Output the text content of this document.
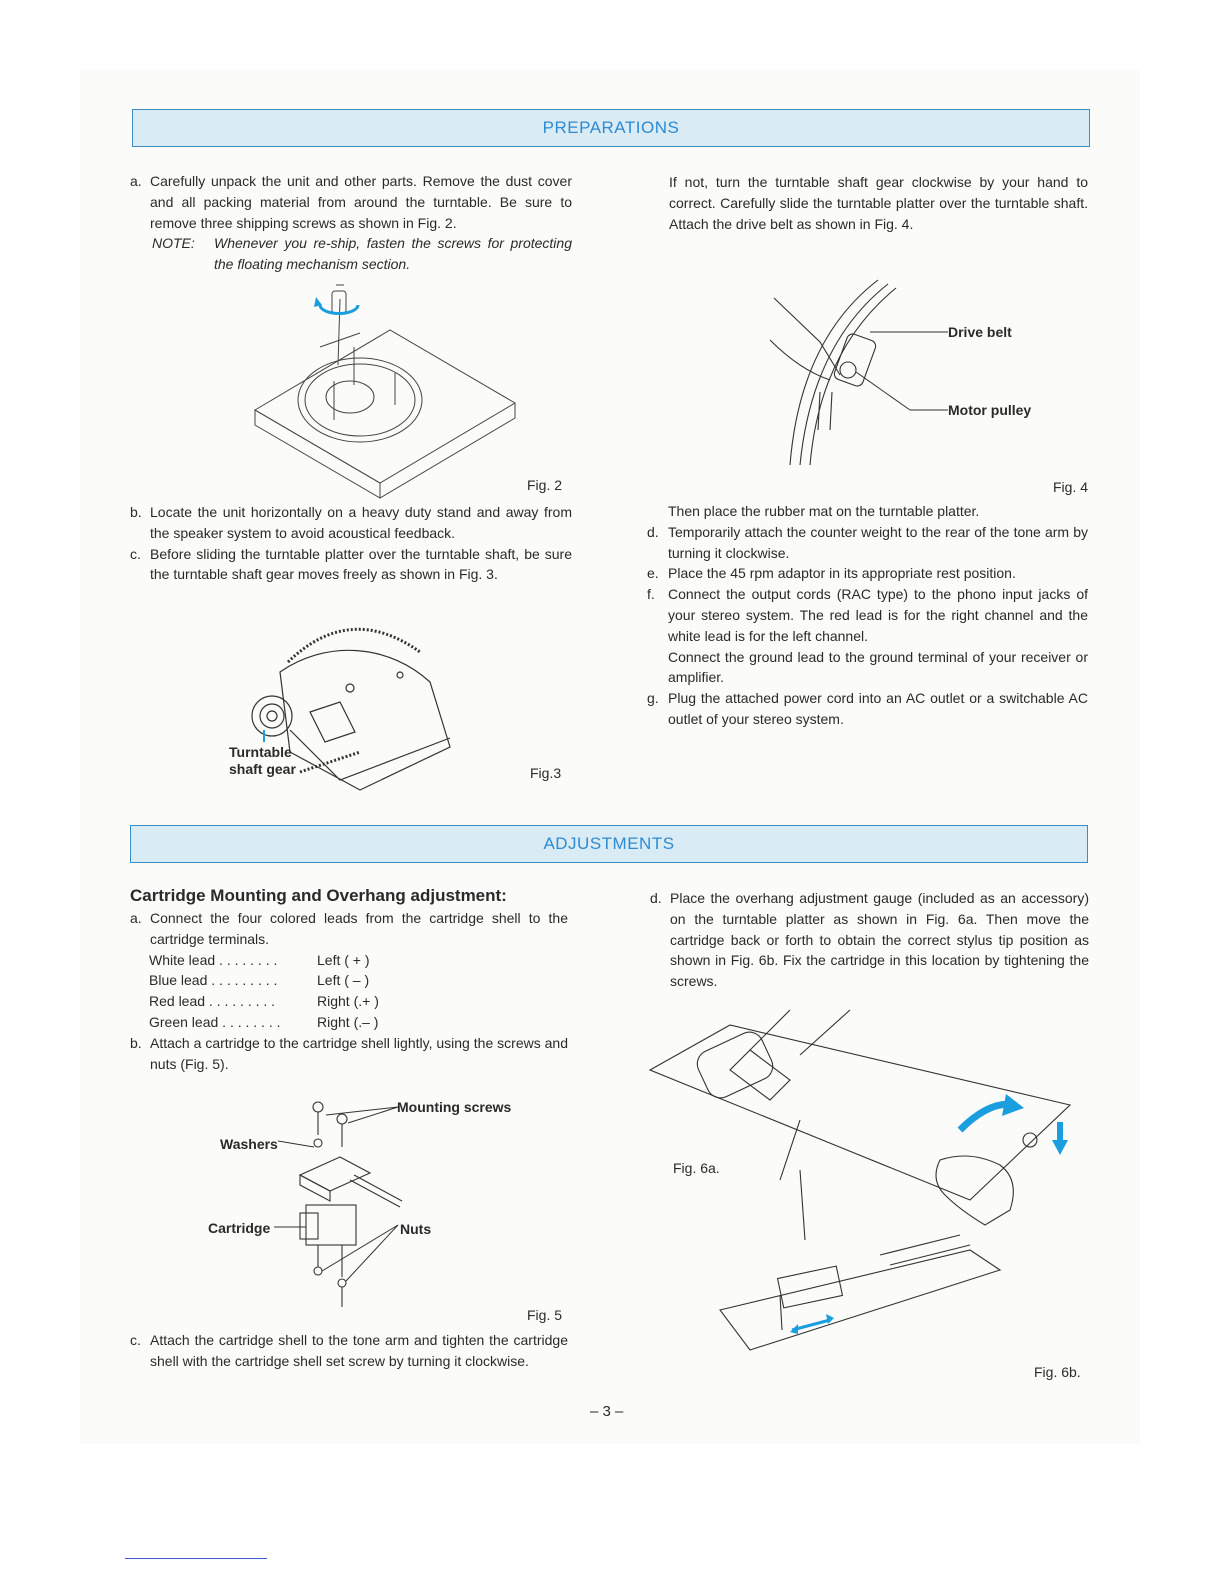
PREPARATIONS
a. Carefully unpack the unit and other parts. Remove the dust cover and all packing material from around the turntable. Be sure to remove three shipping screws as shown in Fig. 2.
NOTE:	Whenever you re-ship, fasten the screws for protecting the floating mechanism section.
Fig. 2
b. Locate the unit horizontally on a heavy duty stand and away from the speaker system to avoid acoustical feedback.
c. Before sliding the turntable platter over the turntable shaft, be sure the turntable shaft gear moves freely as shown in Fig. 3.
Turntable
shaft gear	Fig.3
If not, turn the turntable shaft gear clockwise by your hand to correct. Carefully slide the turntable platter over the turntable shaft. Attach the drive belt as shown in Fig. 4.
Drive belt
Motor pulley
Fig. 4
Then place the rubber mat on the turntable platter.
d. Temporarily attach the counter weight to the rear of the tone arm by turning it clockwise.
e. Place the 45 rpm adaptor in its appropriate rest position.
f. Connect the output cords (RAC type) to the phono input jacks of your stereo system. The red lead is for the right channel and the white lead is for the left channel.
Connect the ground lead to the ground terminal of your receiver or amplifier.
g. Plug the attached power cord into an AC outlet or a switchable AC outlet of your stereo system.
ADJUSTMENTS
Cartridge Mounting and Overhang adjustment:
a. Connect the four colored leads from the cartridge shell to the cartridge terminals.
White lead . . . . . . . .	Left ( + )
Blue lead . . . . . . . . .	Left ( – )
Red lead . . . . . . . . .	Right (.+ )
Green lead . . . . . . . .	Right (.– )
b. Attach a cartridge to the cartridge shell lightly, using the screws and nuts (Fig. 5).
Mounting screws
Washers
Cartridge	Nuts
Fig. 5
c. Attach the cartridge shell to the tone arm and tighten the cartridge shell with the cartridge shell set screw by turning it clockwise.
d. Place the overhang adjustment gauge (included as an accessory) on the turntable platter as shown in Fig. 6a. Then move the cartridge back or forth to obtain the correct stylus tip position as shown in Fig. 6b. Fix the cartridge in this location by tightening the screws.
Fig. 6a.
Fig. 6b.
– 3 –
